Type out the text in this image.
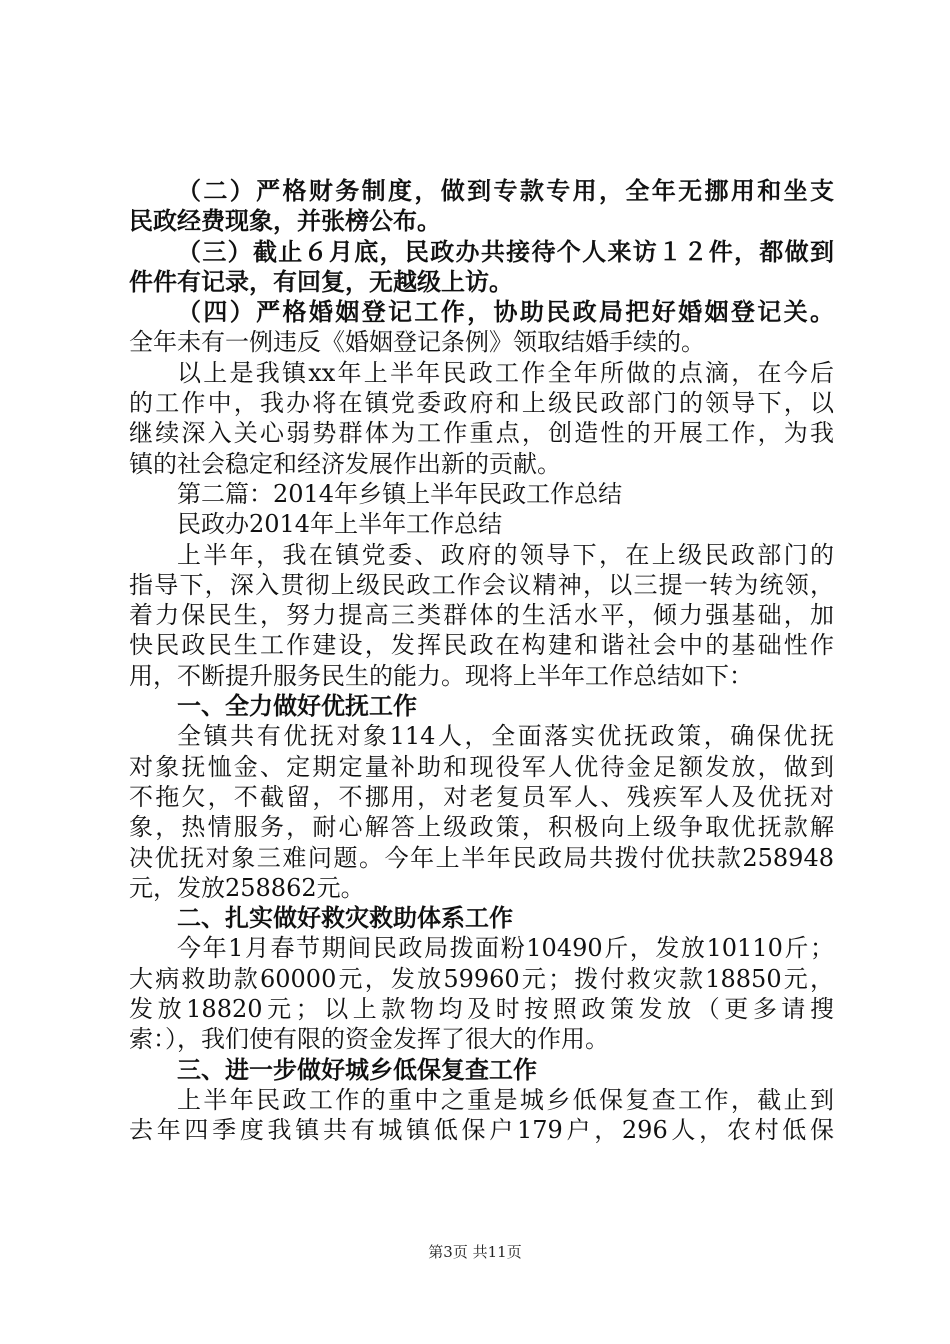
（二）严格财务制度，做到专款专用，全年无挪用和坐支
民政经费现象，并张榜公布。
（三）截止６月底，民政办共接待个人来访１２件，都做到
件件有记录，有回复，无越级上访。
（四）严格婚姻登记工作，协助民政局把好婚姻登记关。
全年未有一例违反《婚姻登记条例》领取结婚手续的。
以上是我镇xx年上半年民政工作全年所做的点滴，在今后
的工作中，我办将在镇党委政府和上级民政部门的领导下，以
继续深入关心弱势群体为工作重点，创造性的开展工作，为我
镇的社会稳定和经济发展作出新的贡献。
第二篇：2014年乡镇上半年民政工作总结
民政办2014年上半年工作总结
上半年，我在镇党委、政府的领导下，在上级民政部门的
指导下，深入贯彻上级民政工作会议精神，以三提一转为统领，
着力保民生，努力提高三类群体的生活水平，倾力强基础，加
快民政民生工作建设，发挥民政在构建和谐社会中的基础性作
用，不断提升服务民生的能力。现将上半年工作总结如下：
一、全力做好优抚工作
全镇共有优抚对象114人，全面落实优抚政策，确保优抚
对象抚恤金、定期定量补助和现役军人优待金足额发放，做到
不拖欠，不截留，不挪用，对老复员军人、残疾军人及优抚对
象，热情服务，耐心解答上级政策，积极向上级争取优抚款解
决优抚对象三难问题。今年上半年民政局共拨付优扶款258948
元，发放258862元。
二、扎实做好救灾救助体系工作
今年1月春节期间民政局拨面粉10490斤，发放10110斤；
大病救助款60000元，发放59960元；拨付救灾款18850元，
发放18820元；以上款物均及时按照政策发放（更多请搜
索：），我们使有限的资金发挥了很大的作用。
三、进一步做好城乡低保复查工作
上半年民政工作的重中之重是城乡低保复查工作，截止到
去年四季度我镇共有城镇低保户179户，296人，农村低保
第3页 共11页
